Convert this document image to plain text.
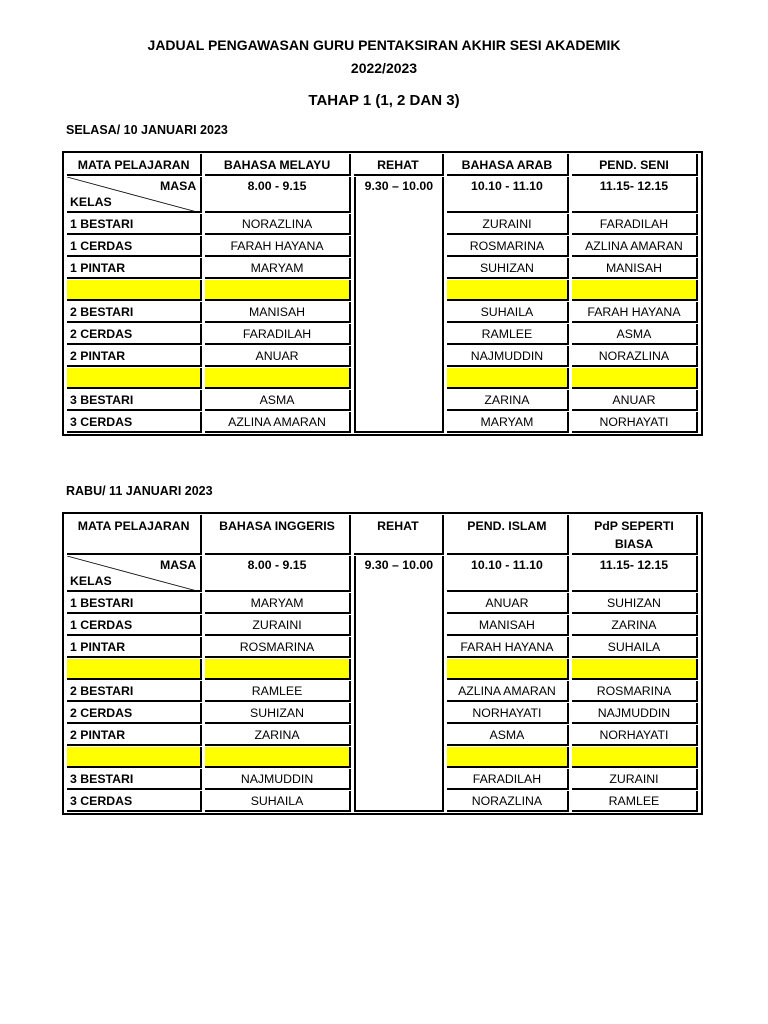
JADUAL PENGAWASAN GURU PENTAKSIRAN AKHIR SESI AKADEMIK
2022/2023
TAHAP 1 (1, 2 DAN 3)
SELASA/ 10 JANUARI 2023
MATA PELAJARAN	BAHASA MELAYU	REHAT	BAHASA ARAB	PEND. SENI

MASA
KELAS	8.00 - 9.15	9.30 – 10.00	10.10 - 11.10	11.15- 12.15
1 BESTARI	NORAZLINA		ZURAINI	FARADILAH
1 CERDAS	FARAH HAYANA		ROSMARINA	AZLINA AMARAN
1 PINTAR	MARYAM		SUHIZAN	MANISAH

2 BESTARI	MANISAH		SUHAILA	FARAH HAYANA
2 CERDAS	FARADILAH		RAMLEE	ASMA
2 PINTAR	ANUAR		NAJMUDDIN	NORAZLINA

3 BESTARI	ASMA		ZARINA	ANUAR
3 CERDAS	AZLINA AMARAN		MARYAM	NORHAYATI
RABU/ 11 JANUARI 2023
MATA PELAJARAN	BAHASA INGGERIS	REHAT	PEND. ISLAM	PdP SEPERTI BIASA

MASA
KELAS	8.00 - 9.15	9.30 – 10.00	10.10 - 11.10	11.15- 12.15
1 BESTARI	MARYAM		ANUAR	SUHIZAN
1 CERDAS	ZURAINI		MANISAH	ZARINA
1 PINTAR	ROSMARINA		FARAH HAYANA	SUHAILA

2 BESTARI	RAMLEE		AZLINA AMARAN	ROSMARINA
2 CERDAS	SUHIZAN		NORHAYATI	NAJMUDDIN
2 PINTAR	ZARINA		ASMA	NORHAYATI

3 BESTARI	NAJMUDDIN		FARADILAH	ZURAINI
3 CERDAS	SUHAILA		NORAZLINA	RAMLEE
